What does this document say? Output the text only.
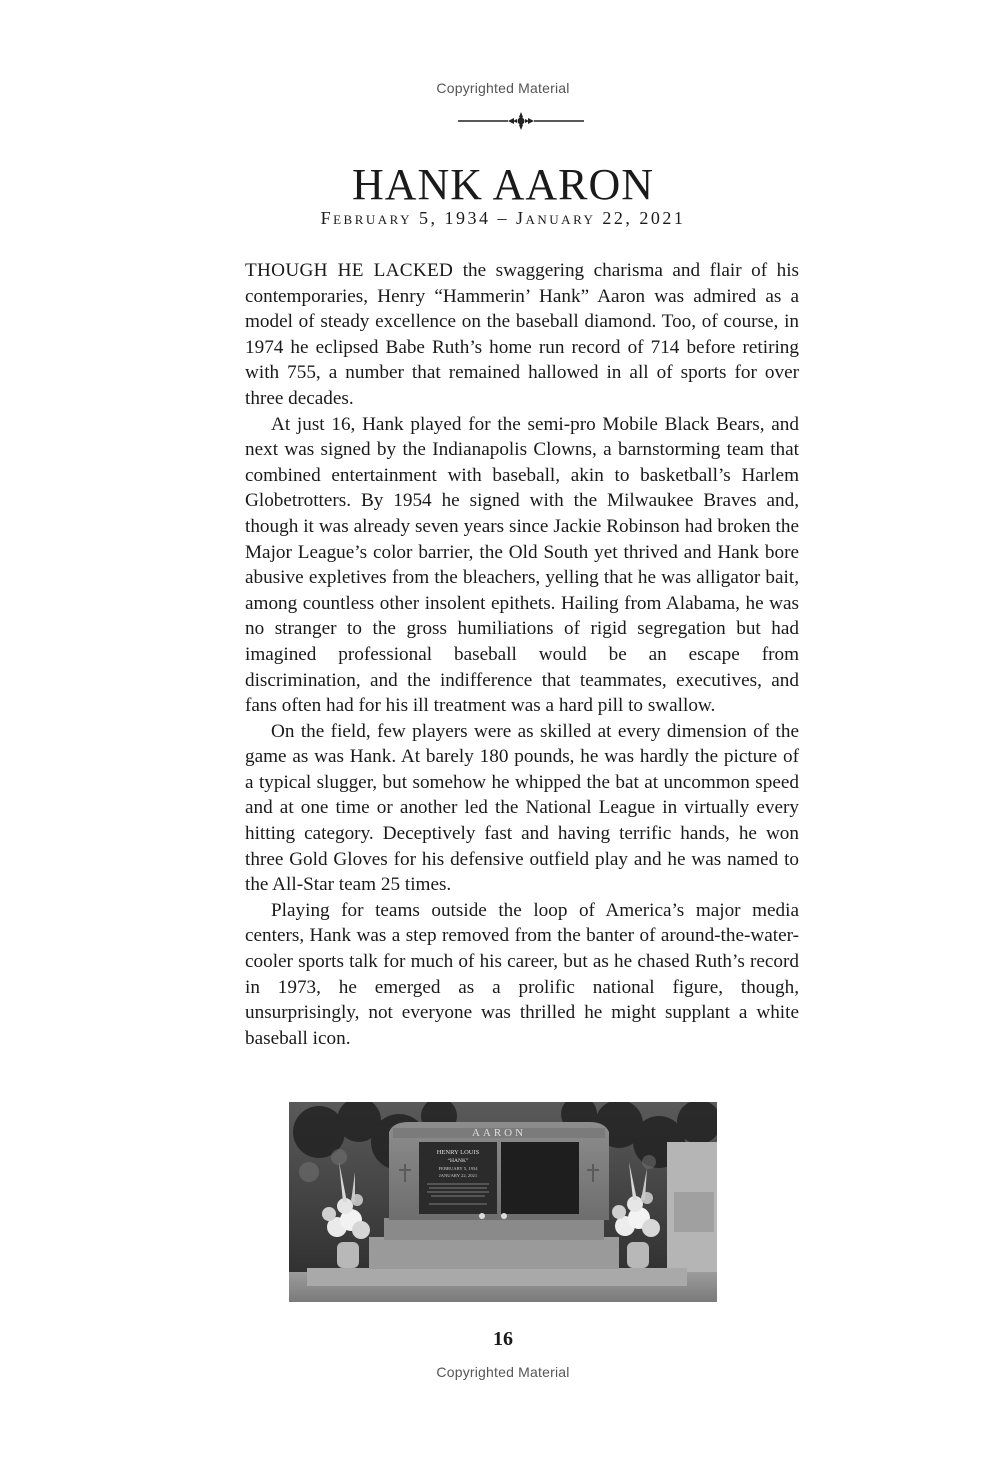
Copyrighted Material
HANK AARON
February 5, 1934 – January 22, 2021

THOUGH HE LACKED the swaggering charisma and flair of his contemporaries, Henry “Hammerin’ Hank” Aaron was admired as a model of steady excellence on the baseball diamond. Too, of course, in 1974 he eclipsed Babe Ruth’s home run record of 714 before retiring with 755, a number that remained hallowed in all of sports for over three decades.

At just 16, Hank played for the semi-pro Mobile Black Bears, and next was signed by the Indianapolis Clowns, a barnstorming team that combined entertainment with baseball, akin to basketball’s Harlem Globetrotters. By 1954 he signed with the Milwaukee Braves and, though it was already seven years since Jackie Robinson had broken the Major League’s color barrier, the Old South yet thrived and Hank bore abusive expletives from the bleachers, yelling that he was alligator bait, among countless other insolent epithets. Hailing from Alabama, he was no stranger to the gross humiliations of rigid segregation but had imagined professional baseball would be an escape from discrimination, and the indifference that teammates, executives, and fans often had for his ill treatment was a hard pill to swallow.

On the field, few players were as skilled at every dimension of the game as was Hank. At barely 180 pounds, he was hardly the picture of a typical slugger, but somehow he whipped the bat at uncommon speed and at one time or another led the National League in virtually every hitting category. Deceptively fast and having terrific hands, he won three Gold Gloves for his defensive outfield play and he was named to the All-Star team 25 times.

Playing for teams outside the loop of America’s major media centers, Hank was a step removed from the banter of around-the-water-cooler sports talk for much of his career, but as he chased Ruth’s record in 1973, he emerged as a prolific national figure, though, unsurprisingly, not everyone was thrilled he might supplant a white baseball icon.

AARON
HENRY LOUIS
“HANK”
FEBRUARY 5, 1934
JANUARY 22, 2021
16
Copyrighted Material
